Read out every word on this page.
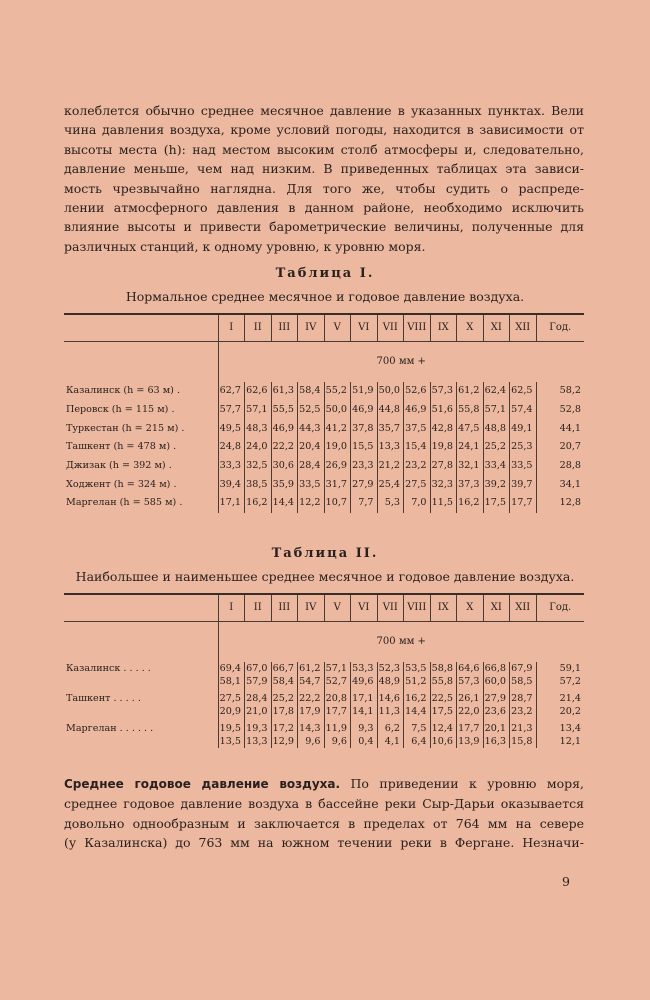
колеблется обычно среднее месячное давление в указанных пунктах. Вели
чина давления воздуха, кроме условий погоды, находится в зависимости от
высоты места (h): над местом высоким столб атмосферы и, следовательно,
давление меньше, чем над низким. В приведенных таблицах эта зависи-
мость чрезвычайно наглядна. Для того же, чтобы судить о распреде-
лении атмосферного давления в данном районе, необходимо исключить
влияние высоты и привести барометрические величины, полученные для
различных станций, к одному уровню, к уровню моря.
Таблица I.
Нормальное среднее месячное и годовое давление воздуха.
	I	II	III	IV	V	VI	VII	VIII	IX	X	XI	XII	Год.
	700 мм +												
Казалинск (h = 63 м) .	62,7	62,6	61,3	58,4	55,2	51,9	50,0	52,6	57,3	61,2	62,4	62,5	58,2
Перовск (h = 115 м) .	57,7	57,1	55,5	52,5	50,0	46,9	44,8	46,9	51,6	55,8	57,1	57,4	52,8
Туркестан (h = 215 м) .	49,5	48,3	46,9	44,3	41,2	37,8	35,7	37,5	42,8	47,5	48,8	49,1	44,1
Ташкент (h = 478 м) .	24,8	24,0	22,2	20,4	19,0	15,5	13,3	15,4	19,8	24,1	25,2	25,3	20,7
Джизак (h = 392 м) .	33,3	32,5	30,6	28,4	26,9	23,3	21,2	23,2	27,8	32,1	33,4	33,5	28,8
Ходжент (h = 324 м) .	39,4	38,5	35,9	33,5	31,7	27,9	25,4	27,5	32,3	37,3	39,2	39,7	34,1
Маргелан (h = 585 м) .	17,1	16,2	14,4	12,2	10,7	7,7	5,3	7,0	11,5	16,2	17,5	17,7	12,8
Таблица II.
Наибольшее и наименьшее среднее месячное и годовое давление воздуха.
	I	II	III	IV	V	VI	VII	VIII	IX	X	XI	XII	Год.
	700 мм +												
Казалинск . . . . .	69,4	67,0	66,7	61,2	57,1	53,3	52,3	53,5	58,8	64,6	66,8	67,9	59,1
	58,1	57,9	58,4	54,7	52,7	49,6	48,9	51,2	55,8	57,3	60,0	58,5	57,2

Ташкент . . . . .	27,5	28,4	25,2	22,2	20,8	17,1	14,6	16,2	22,5	26,1	27,9	28,7	21,4
	20,9	21,0	17,8	17,9	17,7	14,1	11,3	14,4	17,5	22,0	23,6	23,2	20,2

Маргелан . . . . . .	19,5	19,3	17,2	14,3	11,9	9,3	6,2	7,5	12,4	17,7	20,1	21,3	13,4
	13,5	13,3	12,9	9,6	9,6	0,4	4,1	6,4	10,6	13,9	16,3	15,8	12,1
Среднее годовое давление воздуха. По приведении к уровню моря,
среднее годовое давление воздуха в бассейне реки Сыр-Дарьи оказывается
довольно однообразным и заключается в пределах от 764 мм на севере
(у Казалинска) до 763 мм на южном течении реки в Фергане. Незначи-
9
